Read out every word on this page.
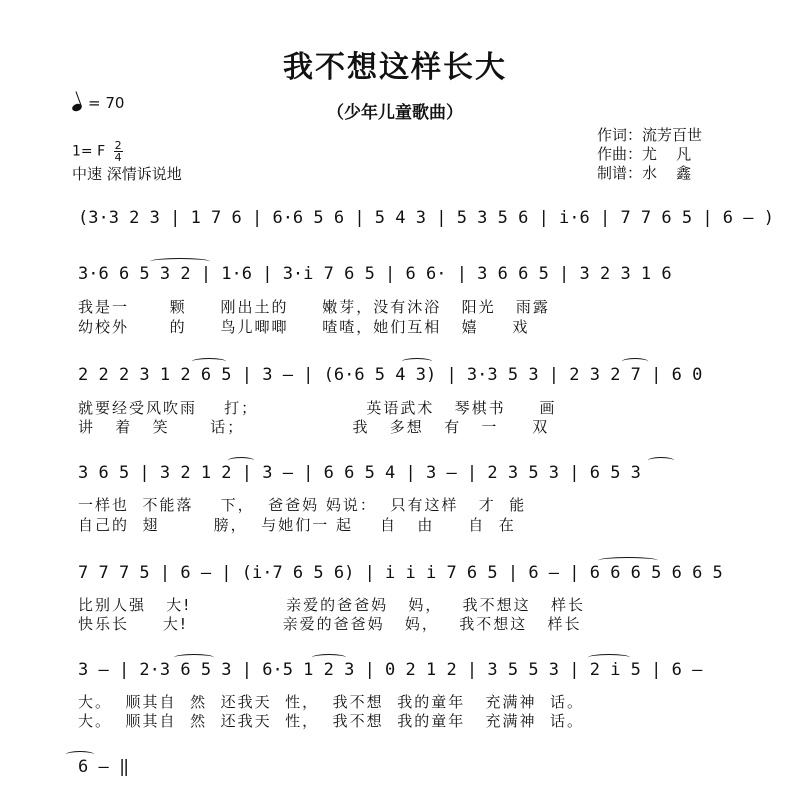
我不想这样长大
（少年儿童歌曲）
= 70
1= F $\frac{2}{4}$
中速 深情诉说地
作词：流芳百世
作曲：尤    凡
制谱：水    鑫
(3·3 2 3 | 1 7 6 | 6·6 5 6 | 5 4 3 | 5 3 5 6 | i·6 | 7 7 6 5 | 6 — )
3·6 6 5 3 2 | 1·6 | 3·i 7 6 5 | 6 6· | 3 6 6 5 | 3 2 3 1 6
我是一      颗     刚出土的     嫩芽，没有沐浴   阳光   雨露
幼校外      的     鸟儿唧唧     喳喳，她们互相   嬉     戏
2 2 2 3 1 2 6 5 | 3 — | (6·6 5 4 3) | 3·3 5 3 | 2 3 2 7 | 6 0
就要经受风吹雨    打；                英语武术   琴棋书     画
讲   着   笑      话；                我   多想   有   一     双
3 6 5 | 3 2 1 2 | 3 — | 6 6 5 4 | 3 — | 2 3 5 3 | 6 5 3
一样也  不能落    下，  爸爸妈 妈说：  只有这样   才  能
自己的  翅        膀，  与她们一 起    自   由     自  在
7 7 7 5 | 6 — | (i·7 6 5 6) | i i i 7 6 5 | 6 — | 6 6 6 5 6 6 5
比别人强   大!              亲爱的爸爸妈   妈，   我不想这   样长
快乐长     大!              亲爱的爸爸妈   妈，   我不想这   样长
3 — | 2·3 6 5 3 | 6·5 1 2 3 | 0 2 1 2 | 3 5 5 3 | 2 i 5 | 6 —
大。  顺其自  然  还我天  性，  我不想  我的童年   充满神  话。
大。  顺其自  然  还我天  性，  我不想  我的童年   充满神  话。
6 — ‖
